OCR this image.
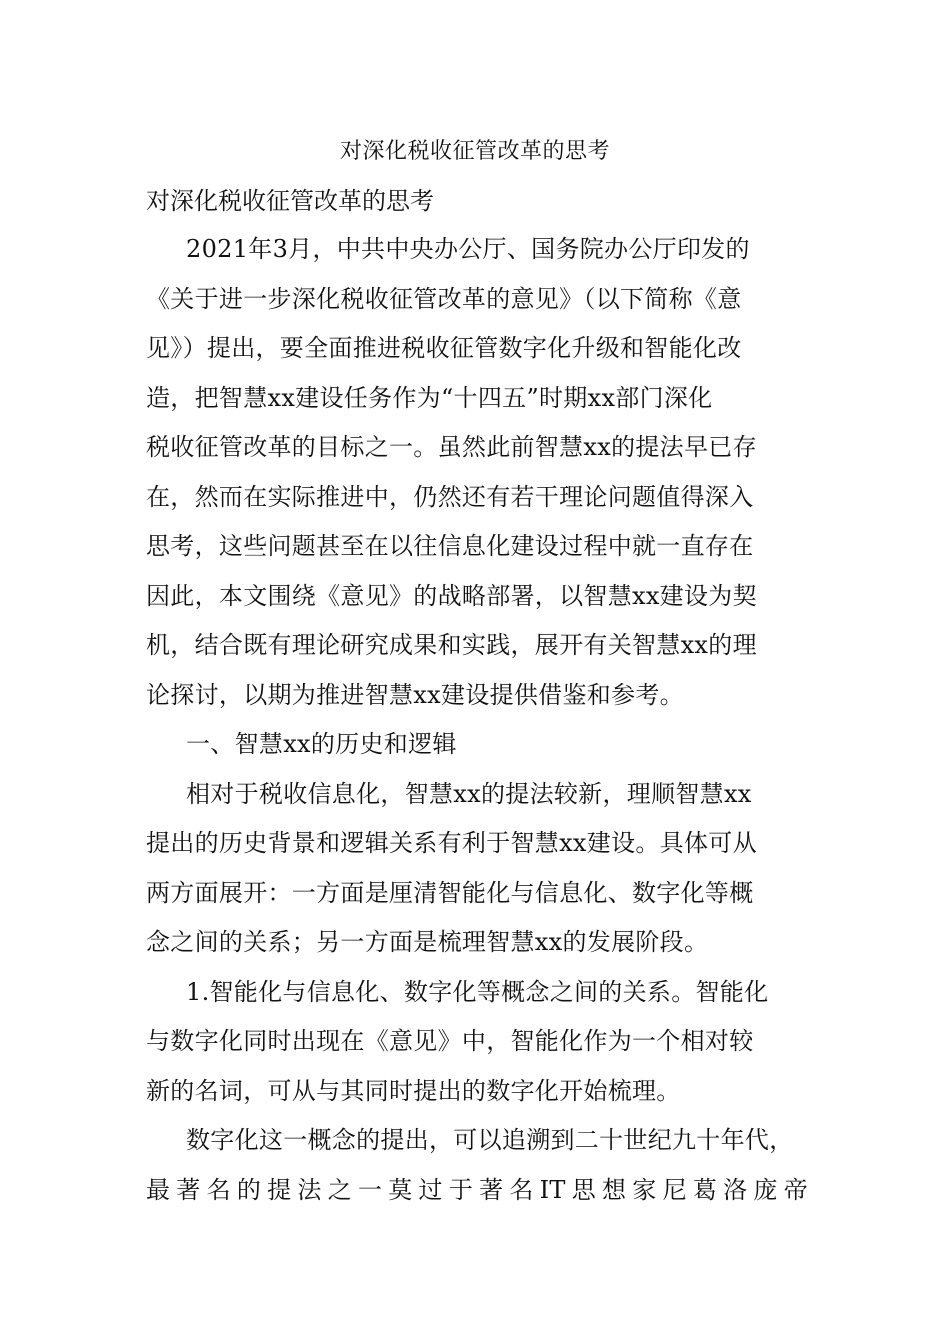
对深化税收征管改革的思考
对深化税收征管改革的思考
2021年3月，中共中央办公厅、国务院办公厅印发的
《关于进一步深化税收征管改革的意见》（以下简称《意
见》）提出，要全面推进税收征管数字化升级和智能化改
造，把智慧xx建设任务作为“十四五”时期xx部门深化
税收征管改革的目标之一。虽然此前智慧xx的提法早已存
在，然而在实际推进中，仍然还有若干理论问题值得深入
思考，这些问题甚至在以往信息化建设过程中就一直存在
因此，本文围绕《意见》的战略部署，以智慧xx建设为契
机，结合既有理论研究成果和实践，展开有关智慧xx的理
论探讨，以期为推进智慧xx建设提供借鉴和参考。
一、智慧xx的历史和逻辑
相对于税收信息化，智慧xx的提法较新，理顺智慧xx
提出的历史背景和逻辑关系有利于智慧xx建设。具体可从
两方面展开：一方面是厘清智能化与信息化、数字化等概
念之间的关系；另一方面是梳理智慧xx的发展阶段。
1.智能化与信息化、数字化等概念之间的关系。智能化
与数字化同时出现在《意见》中，智能化作为一个相对较
新的名词，可从与其同时提出的数字化开始梳理。
数字化这一概念的提出，可以追溯到二十世纪九十年代，
最著名的提法之一莫过于著名IT思想家尼葛洛庞帝
